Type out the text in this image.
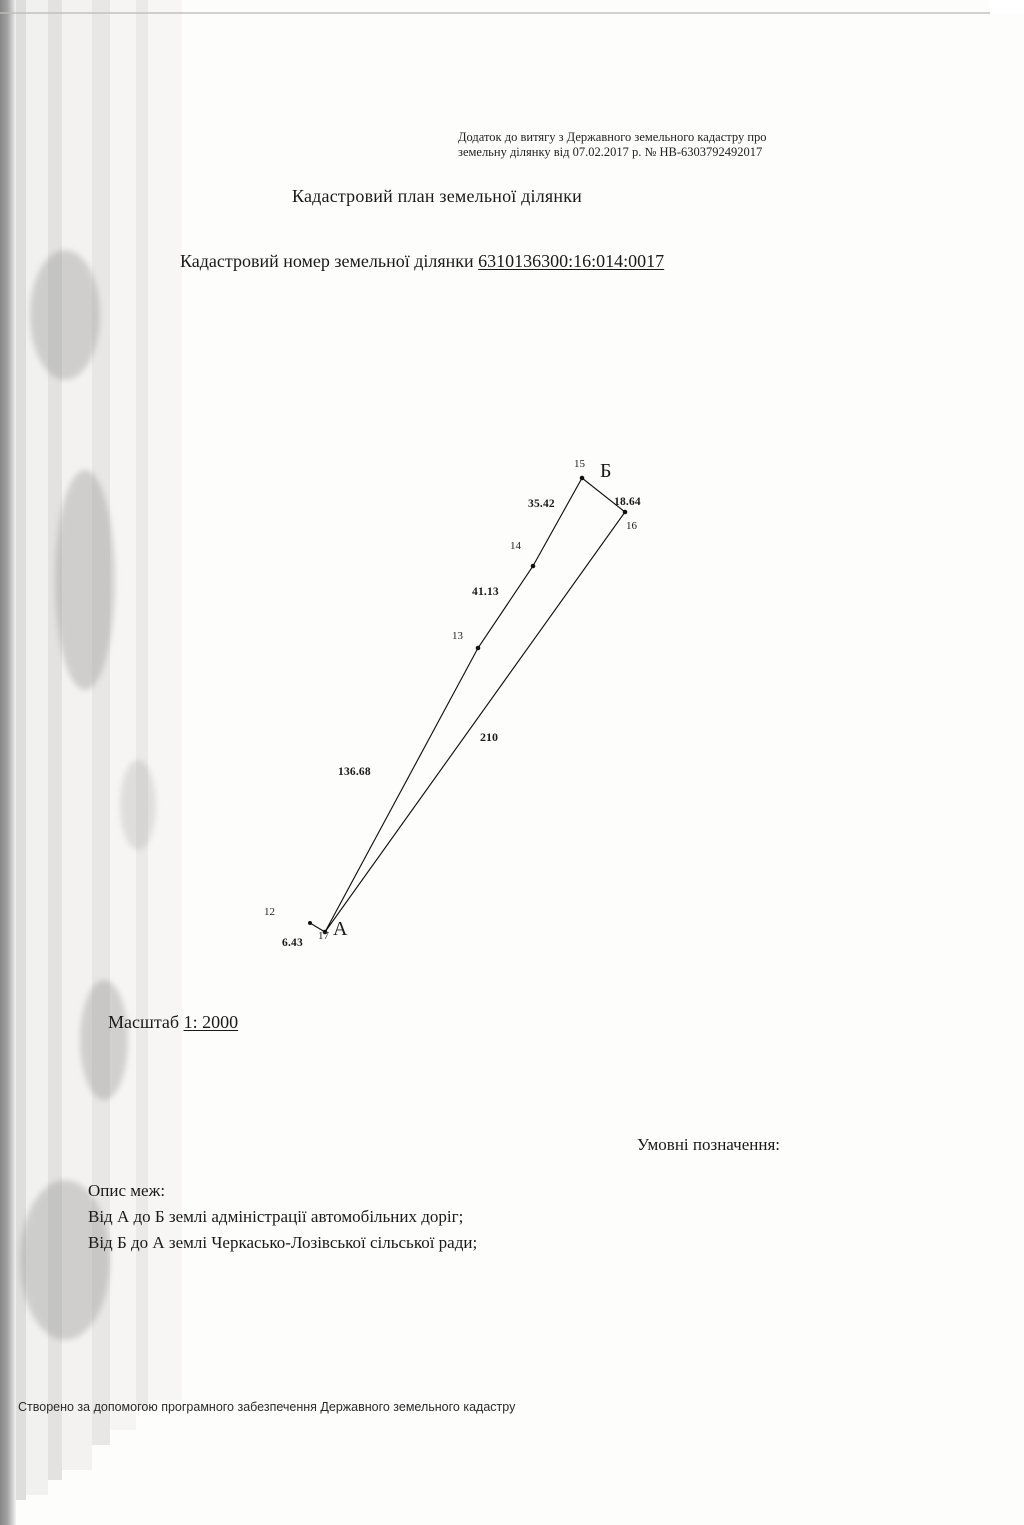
Додаток до витягу з Державного земельного кадастру про
земельну ділянку від 07.02.2017 р. № НВ-6303792492017
Кадастровий план земельної ділянки
Кадастровий номер земельної ділянки 6310136300:16:014:0017
12
17
13
14
15
16
35.42	18.64
41.13
136.68
6.43
210
А
Б
Масштаб 1: 2000
Умовні позначення:
Опис меж:
Від А до Б землі адміністрації автомобільних доріг;
Від Б до А землі Черкасько-Лозівської сільської ради;
Створено за допомогою програмного забезпечення Державного земельного кадастру
